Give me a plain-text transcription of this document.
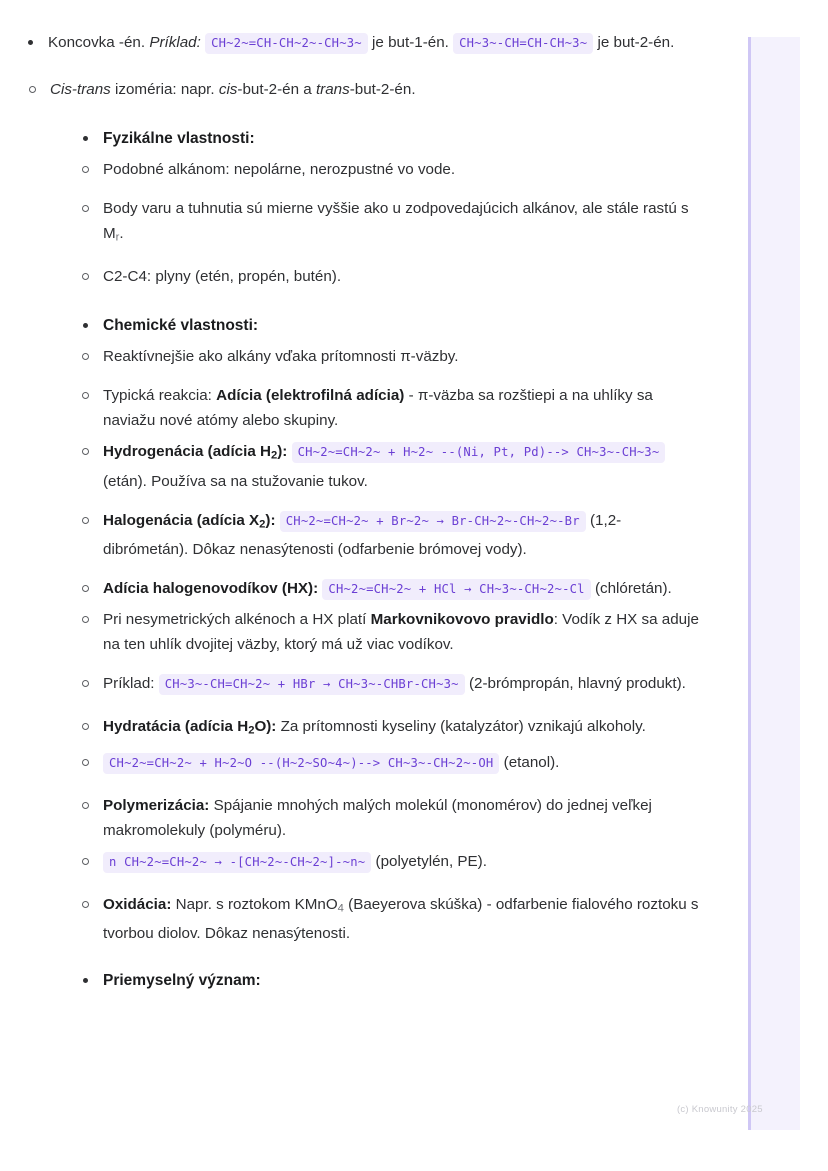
Koncovka -én. Príklad: CH~2~=CH-CH~2~-CH~3~ je but-1-én. CH~3~-CH=CH-CH~3~ je but-2-én.
Cis-trans izoméria: napr. cis-but-2-én a trans-but-2-én.
Fyzikálne vlastnosti:
Podobné alkánom: nepolárne, nerozpustné vo vode.
Body varu a tuhnutia sú mierne vyššie ako u zodpovedajúcich alkánov, ale stále rastú s $M_r$.
C2-C4: plyny (etén, propén, butén).
Chemické vlastnosti:
Reaktívnejšie ako alkány vďaka prítomnosti π-väzby.
Typická reakcia: Adícia (elektrofilná adícia) - π-väzba sa rozštiepi a na uhlíky sa naviažu nové atómy alebo skupiny.
Hydrogenácia (adícia $H_2$): CH~2~=CH~2~ + H~2~ --(Ni, Pt, Pd)--> CH~3~-CH~3~ (etán). Používa sa na stužovanie tukov.
Halogenácia (adícia $X_2$): CH~2~=CH~2~ + Br~2~ → Br-CH~2~-CH~2~-Br (1,2-dibrómetán). Dôkaz nenasýtenosti (odfarbenie brómovej vody).
Adícia halogenovodíkov (HX): CH~2~=CH~2~ + HCl → CH~3~-CH~2~-Cl (chlóretán).
Pri nesymetrických alkénoch a HX platí Markovnikovovo pravidlo: Vodík z HX sa aduje na ten uhlík dvojitej väzby, ktorý má už viac vodíkov.
Príklad: CH~3~-CH=CH~2~ + HBr → CH~3~-CHBr-CH~3~ (2-brómpropán, hlavný produkt).
Hydratácia (adícia $H_2O$): Za prítomnosti kyseliny (katalyzátor) vznikajú alkoholy.
CH~2~=CH~2~ + H~2~O --(H~2~SO~4~)--> CH~3~-CH~2~-OH (etanol).
Polymerizácia: Spájanie mnohých malých molekúl (monomérov) do jednej veľkej makromolekuly (polyméru).
n CH~2~=CH~2~ → -[CH~2~-CH~2~]-~n~ (polyetylén, PE).
Oxidácia: Napr. s roztokom KMnO$_4$ (Baeyerova skúška) - odfarbenie fialového roztoku s tvorbou diolov. Dôkaz nenasýtenosti.
Priemyselný význam:
(c) Knowunity 2025
